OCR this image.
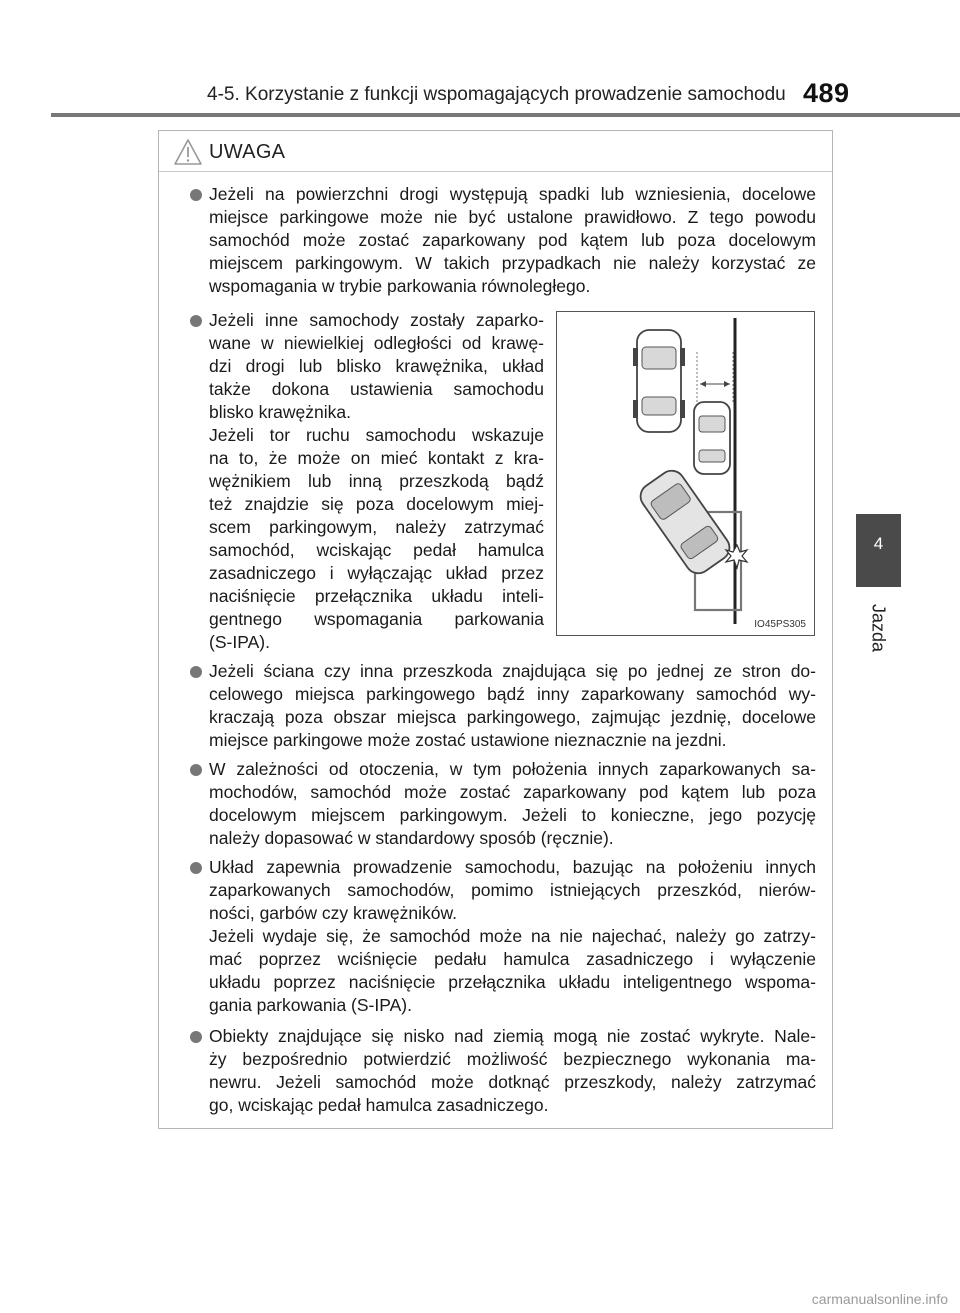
4-5. Korzystanie z funkcji wspomagających prowadzenie samochodu 489
4
Jazda
UWAGA
Jeżeli na powierzchni drogi występują spadki lub wzniesienia, docelowe
miejsce parkingowe może nie być ustalone prawidłowo. Z tego powodu
samochód może zostać zaparkowany pod kątem lub poza docelowym
miejscem parkingowym. W takich przypadkach nie należy korzystać ze
wspomagania w trybie parkowania równoległego.
Jeżeli inne samochody zostały zaparko-
wane w niewielkiej odległości od krawę-
dzi drogi lub blisko krawężnika, układ
także dokona ustawienia samochodu
blisko krawężnika.
Jeżeli tor ruchu samochodu wskazuje
na to, że może on mieć kontakt z kra-
wężnikiem lub inną przeszkodą bądź
też znajdzie się poza docelowym miej-
scem parkingowym, należy zatrzymać
samochód, wciskając pedał hamulca
zasadniczego i wyłączając układ przez
naciśnięcie przełącznika układu inteli-
gentnego wspomagania parkowania
(S-IPA).
IO45PS305
Jeżeli ściana czy inna przeszkoda znajdująca się po jednej ze stron do-
celowego miejsca parkingowego bądź inny zaparkowany samochód wy-
kraczają poza obszar miejsca parkingowego, zajmując jezdnię, docelowe
miejsce parkingowe może zostać ustawione nieznacznie na jezdni.
W zależności od otoczenia, w tym położenia innych zaparkowanych sa-
mochodów, samochód może zostać zaparkowany pod kątem lub poza
docelowym miejscem parkingowym. Jeżeli to konieczne, jego pozycję
należy dopasować w standardowy sposób (ręcznie).
Układ zapewnia prowadzenie samochodu, bazując na położeniu innych
zaparkowanych samochodów, pomimo istniejących przeszkód, nierów-
ności, garbów czy krawężników.
Jeżeli wydaje się, że samochód może na nie najechać, należy go zatrzy-
mać poprzez wciśnięcie pedału hamulca zasadniczego i wyłączenie
układu poprzez naciśnięcie przełącznika układu inteligentnego wspoma-
gania parkowania (S-IPA).
Obiekty znajdujące się nisko nad ziemią mogą nie zostać wykryte. Nale-
ży bezpośrednio potwierdzić możliwość bezpiecznego wykonania ma-
newru. Jeżeli samochód może dotknąć przeszkody, należy zatrzymać
go, wciskając pedał hamulca zasadniczego.
carmanualsonline.info
